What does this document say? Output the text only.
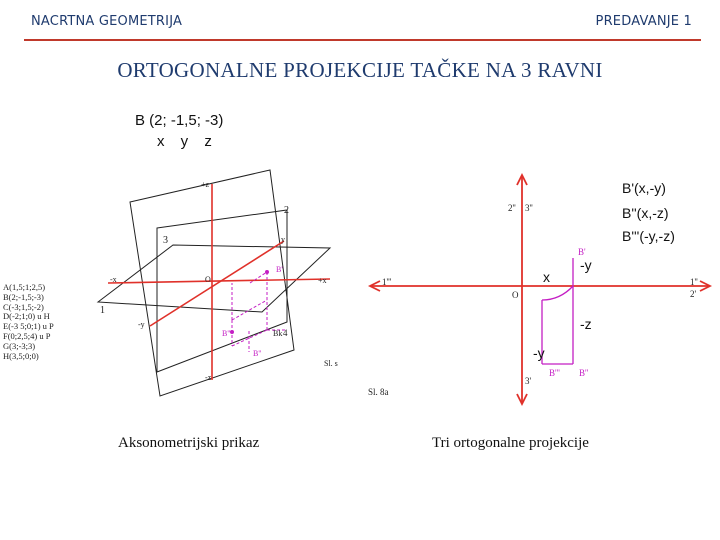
NACRTNA GEOMETRIJA	PREDAVANJE 1
ORTOGONALNE PROJEKCIJE TAČKE NA 3 RAVNI
B (2; -1,5; -3)
x y z
+z
-z
+x
-x
y
-y
O
1
2
3
4
B'
B''
B'''	Bk
Sl. s
A(1,5;1;2,5)
B(2;-1,5;-3)
C(-3;1,5;-2)
D(-2;1;0) u H
E(-3 5;0;1) u P
F(0;2,5;4) u P
G(3;-3;3)
H(3,5;0;0)
2'' 3''
1'''
O
1''
2'
3'
B'
B''' B''
Sl. 8a
B'(x,-y)
B''(x,-z)
B'''(-y,-z)
x
-y
-z
-y
Aksonometrijski prikaz	Tri ortogonalne projekcije
